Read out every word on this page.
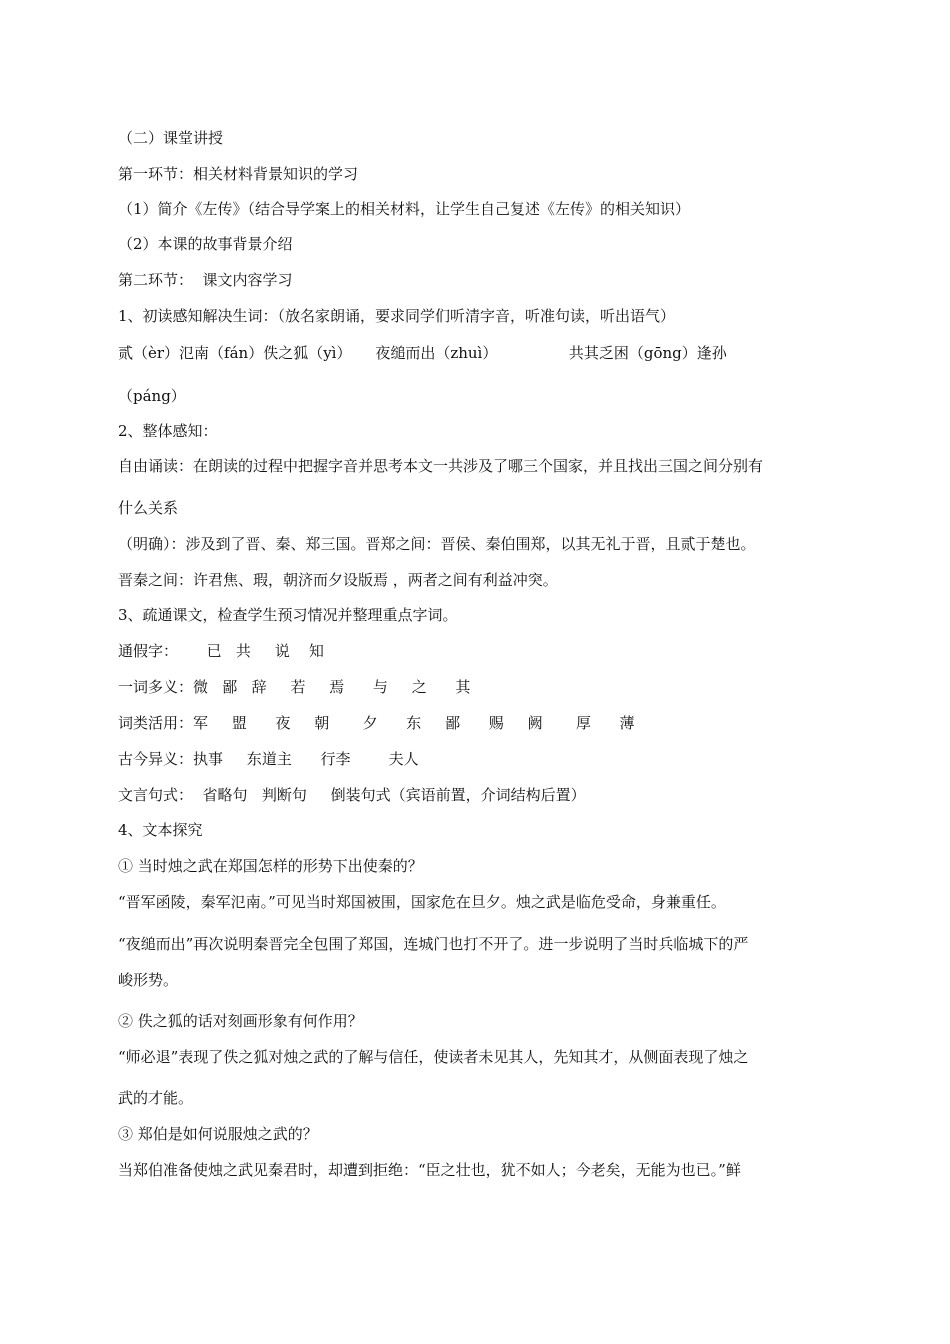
（二）课堂讲授
第一环节：相关材料背景知识的学习
（1）简介《左传》（结合导学案上的相关材料，让学生自己复述《左传》的相关知识）
（2）本课的故事背景介绍
第二环节：  课文内容学习
1、初读感知解决生词：（放名家朗诵，要求同学们听清字音，听准句读，听出语气）
贰（èr）氾南（fán）佚之狐（yì）     夜缒而出（zhuì）               共其乏困（gōng）逢孙
（páng）
2、整体感知：
自由诵读：在朗读的过程中把握字音并思考本文一共涉及了哪三个国家，并且找出三国之间分别有
什么关系
（明确）：涉及到了晋、秦、郑三国。晋郑之间：晋侯、秦伯围郑，以其无礼于晋，且贰于楚也。
晋秦之间：许君焦、瑕，朝济而夕设版焉 ，两者之间有利益冲突。
3、疏通课文，检查学生预习情况并整理重点字词。
通假字：      已   共     说    知
一词多义：微   鄙   辞     若     焉      与     之      其
词类活用：军     盟      夜     朝       夕      东     鄙      赐     阙       厚      薄
古今异义：执事     东道主      行李        夫人
文言句式：  省略句   判断句     倒装句式（宾语前置，介词结构后置）
4、文本探究
① 当时烛之武在郑国怎样的形势下出使秦的？
“晋军函陵，秦军氾南。”可见当时郑国被围，国家危在旦夕。烛之武是临危受命，身兼重任。
“夜缒而出”再次说明秦晋完全包围了郑国，连城门也打不开了。进一步说明了当时兵临城下的严
峻形势。
② 佚之狐的话对刻画形象有何作用？
“师必退”表现了佚之狐对烛之武的了解与信任，使读者未见其人，先知其才，从侧面表现了烛之
武的才能。
③ 郑伯是如何说服烛之武的？
当郑伯准备使烛之武见秦君时，却遭到拒绝：“臣之壮也，犹不如人；今老矣，无能为也已。”鲜
